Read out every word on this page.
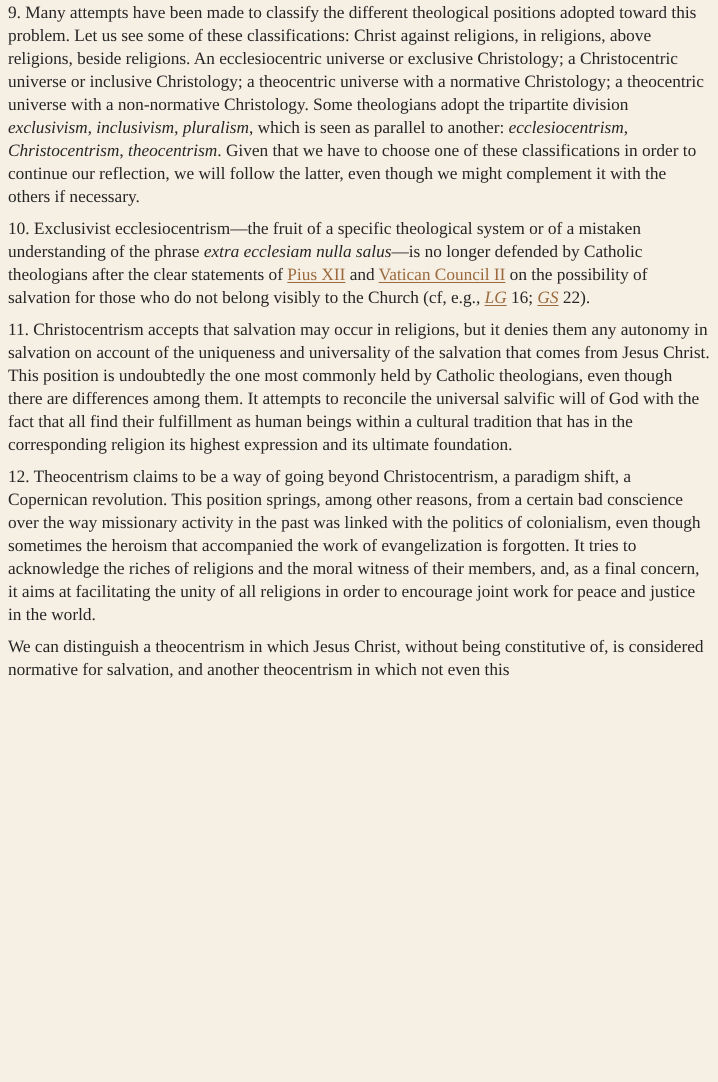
9. Many attempts have been made to classify the different theological positions adopted toward this problem. Let us see some of these classifications: Christ against religions, in religions, above religions, beside religions. An ecclesiocentric universe or exclusive Christology; a Christocentric universe or inclusive Christology; a theocentric universe with a normative Christology; a theocentric universe with a non-normative Christology. Some theologians adopt the tripartite division exclusivism, inclusivism, pluralism, which is seen as parallel to another: ecclesiocentrism, Christocentrism, theocentrism. Given that we have to choose one of these classifications in order to continue our reflection, we will follow the latter, even though we might complement it with the others if necessary.

10. Exclusivist ecclesiocentrism—the fruit of a specific theological system or of a mistaken understanding of the phrase extra ecclesiam nulla salus—is no longer defended by Catholic theologians after the clear statements of Pius XII and Vatican Council II on the possibility of salvation for those who do not belong visibly to the Church (cf, e.g., LG 16; GS 22).

11. Christocentrism accepts that salvation may occur in religions, but it denies them any autonomy in salvation on account of the uniqueness and universality of the salvation that comes from Jesus Christ. This position is undoubtedly the one most commonly held by Catholic theologians, even though there are differences among them. It attempts to reconcile the universal salvific will of God with the fact that all find their fulfillment as human beings within a cultural tradition that has in the corresponding religion its highest expression and its ultimate foundation.

12. Theocentrism claims to be a way of going beyond Christocentrism, a paradigm shift, a Copernican revolution. This position springs, among other reasons, from a certain bad conscience over the way missionary activity in the past was linked with the politics of colonialism, even though sometimes the heroism that accompanied the work of evangelization is forgotten. It tries to acknowledge the riches of religions and the moral witness of their members, and, as a final concern, it aims at facilitating the unity of all religions in order to encourage joint work for peace and justice in the world.

We can distinguish a theocentrism in which Jesus Christ, without being constitutive of, is considered normative for salvation, and another theocentrism in which not even this
